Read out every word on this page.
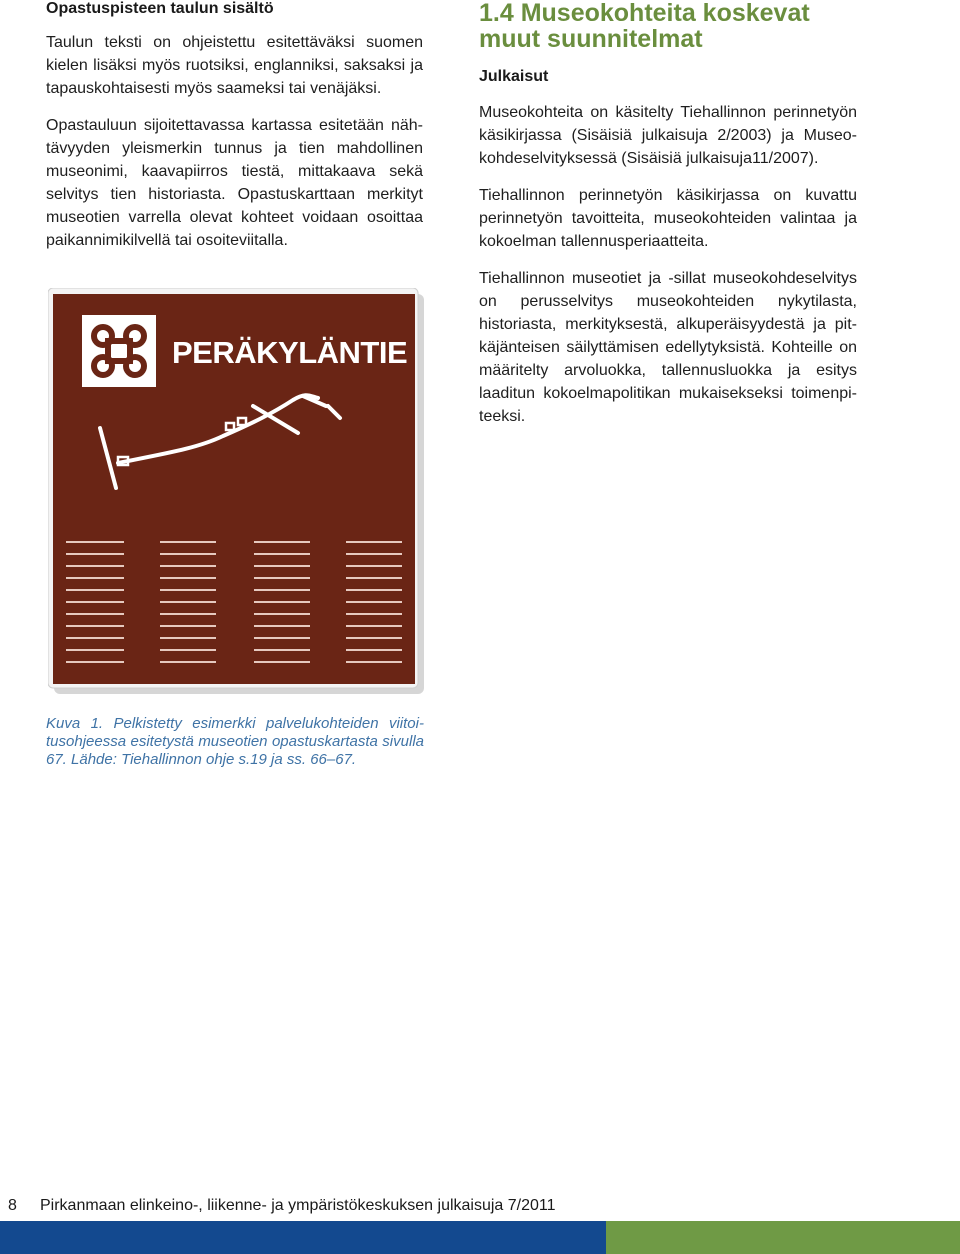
Opastuspisteen taulun sisältö

Taulun teksti on ohjeistettu esitettäväksi suomen kielen lisäksi myös ruotsiksi, englanniksi, saksaksi ja tapauskohtaisesti myös saameksi tai venäjäksi.

Opastauluun sijoitettavassa kartassa esitetään nähtävyyden yleismerkin tunnus ja tien mahdollinen museonimi, kaavapiirros tiestä, mittakaava sekä selvitys tien historiasta. Opastuskarttaan merkityt museotien varrella olevat kohteet voidaan osoittaa paikannimikilvellä tai osoiteviitalla.

PERÄKYLÄNTIE
Kuva 1. Pelkistetty esimerkki palvelukohteiden viitoitusohjeessa esitetystä museotien opastuskartasta sivulla 67. Lähde: Tiehallinnon ohje s.19 ja ss. 66–67.
1.4 Museokohteita koskevat muut suunnitelmat
Julkaisut

Museokohteita on käsitelty Tiehallinnon perinnetyön käsikirjassa (Sisäisiä julkaisuja 2/2003) ja Museokohdeselvityksessä (Sisäisiä julkaisuja11/2007).

Tiehallinnon perinnetyön käsikirjassa on kuvattu perinnetyön tavoitteita, museokohteiden valintaa ja kokoelman tallennusperiaatteita.

Tiehallinnon museotiet ja -sillat museokohdeselvitys on perusselvitys museokohteiden nykytilasta, historiasta, merkityksestä, alkuperäisyydestä ja pitkäjänteisen säilyttämisen edellytyksistä. Kohteille on määritelty arvoluokka, tallennusluokka ja esitys laaditun kokoelmapolitikan mukaisekseksi toimenpiteeksi.

8 Pirkanmaan elinkeino-, liikenne- ja ympäristökeskuksen julkaisuja 7/2011
